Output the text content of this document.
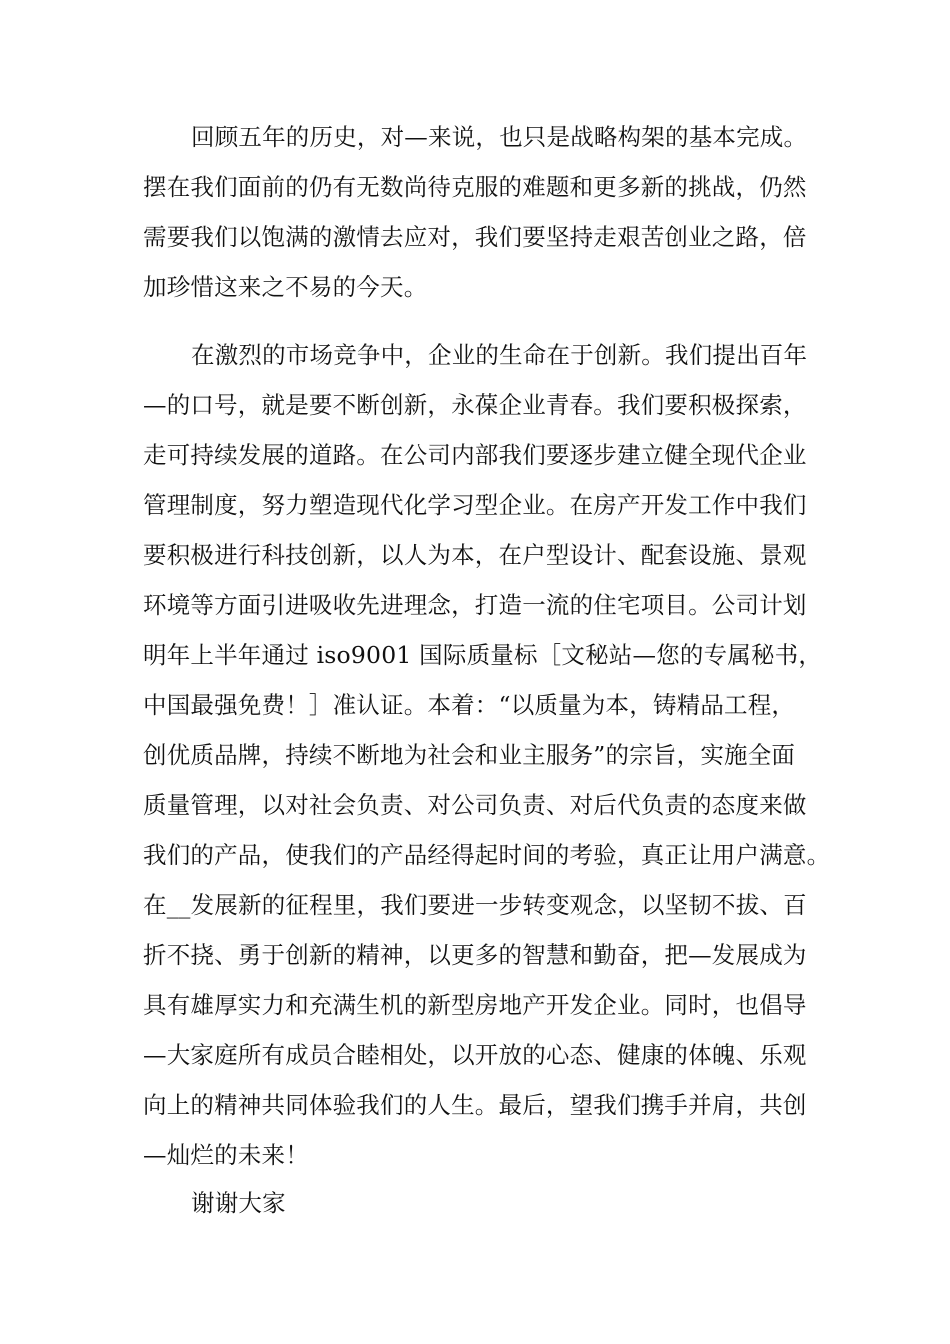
回顾五年的历史，对—来说，也只是战略构架的基本完成。
摆在我们面前的仍有无数尚待克服的难题和更多新的挑战，仍然
需要我们以饱满的激情去应对，我们要坚持走艰苦创业之路，倍
加珍惜这来之不易的今天。
在激烈的市场竞争中，企业的生命在于创新。我们提出百年
—的口号，就是要不断创新，永葆企业青春。我们要积极探索，
走可持续发展的道路。在公司内部我们要逐步建立健全现代企业
管理制度，努力塑造现代化学习型企业。在房产开发工作中我们
要积极进行科技创新，以人为本，在户型设计、配套设施、景观
环境等方面引进吸收先进理念，打造一流的住宅项目。公司计划
明年上半年通过 iso9001 国际质量标［文秘站—您的专属秘书，
中国最强免费！］准认证。本着：“以质量为本，铸精品工程，
创优质品牌，持续不断地为社会和业主服务”的宗旨，实施全面
质量管理，以对社会负责、对公司负责、对后代负责的态度来做
我们的产品，使我们的产品经得起时间的考验，真正让用户满意。
在__发展新的征程里，我们要进一步转变观念，以坚韧不拔、百
折不挠、勇于创新的精神，以更多的智慧和勤奋，把—发展成为
具有雄厚实力和充满生机的新型房地产开发企业。同时，也倡导
—大家庭所有成员合睦相处，以开放的心态、健康的体魄、乐观
向上的精神共同体验我们的人生。最后，望我们携手并肩，共创
—灿烂的未来！
谢谢大家
